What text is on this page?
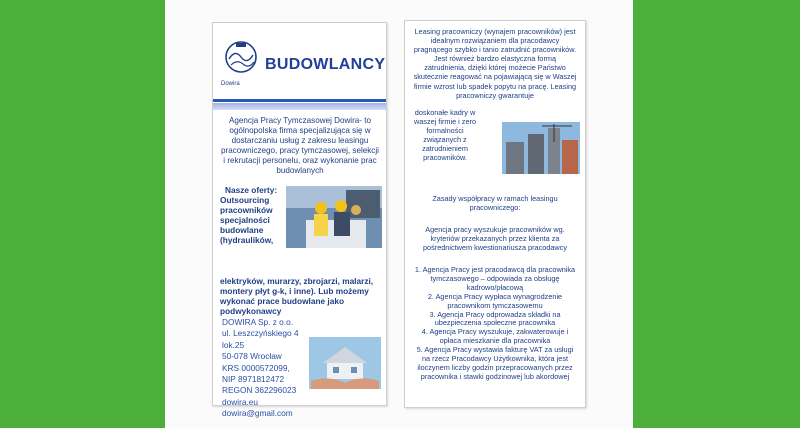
Dowira
BUDOWLANCY
Agencja Pracy Tymczasowej Dowira- to ogólnopolska firma specjalizująca się w dostarczaniu usług z zakresu leasingu pracowniczego, pracy tymczasowej, selekcji i rekrutacji personelu, oraz wykonanie prac budowlanych
Nasze oferty:
Outsourcing pracowników specjalności budowlane (hydraulików,
elektryków, murarzy, zbrojarzi, malarzi, montery płyt g-k, i inne). Lub możemy wykonać prace budowlane jako podwykonawcy
DOWIRA Sp. z o.o.
ul. Leszczyńskiego 4 lok.25
50-078 Wrocław
KRS 0000572099,
NIP 8971812472
REGON 362296023
dowira.eu
dowira@gmail.com
Leasing pracowniczy (wynajem pracowników) jest idealnym rozwiązaniem dla pracodawcy pragnącego szybko i tanio zatrudnić pracowników. Jest również bardzo elastyczna formą zatrudnienia, dzięki której możecie Państwo skutecznie reagować na pojawiającą się w Waszej firmie wzrost lub spadek popytu na pracę. Leasing pracowniczy gwarantuje
doskonałe kadry w waszej firmie i zero formalności związanych z zatrudnieniem pracowników.
Zasady współpracy w ramach leasingu pracowniczego:
Agencja pracy wyszukuje pracowników wg. kryteriów przekazanych przez klienta za pośrednictwem kwestionariusza pracodawcy
1. Agencja Pracy jest pracodawcą dla pracownika tymczasowego – odpowiada za obsługę kadrowo/płacową
2. Agencja Pracy wypłaca wynagrodzenie pracownikom tymczasowemu
3. Agencja Pracy odprowadza składki na ubezpieczenia społeczne pracownika
4. Agencja Pracy wyszukuje, zakwaterowuje i opłaca mieszkanie dla pracownika
5. Agencja Pracy wystawia fakturę VAT za usługi na rzecz Pracodawcy Użytkownika, która jest iloczynem liczby godzin przepracowanych przez pracownika i stawki godzinowej lub akordowej
